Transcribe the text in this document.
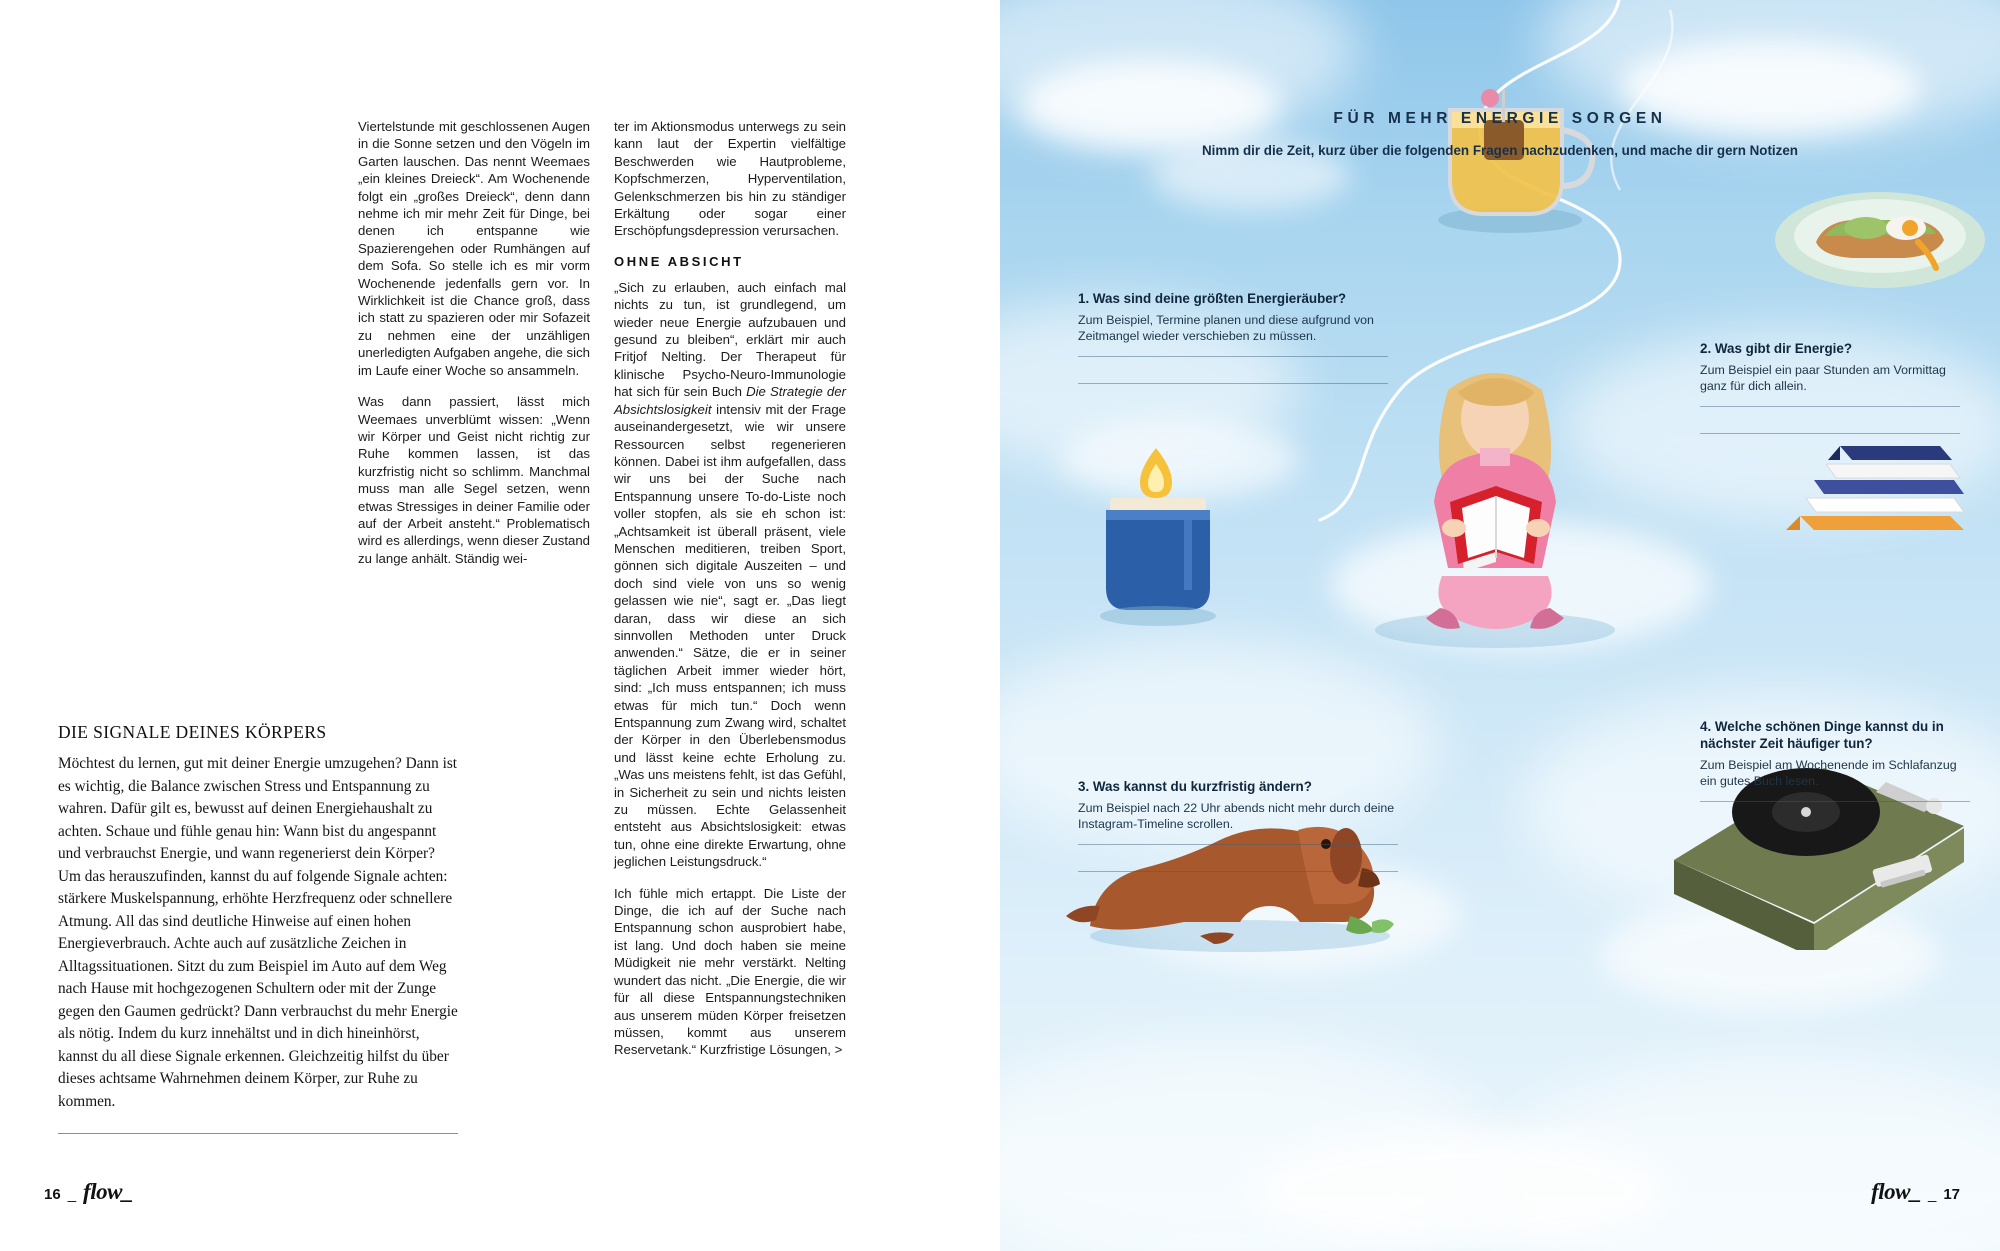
Viertelstunde mit geschlossenen Augen in die Sonne setzen und den Vögeln im Garten lauschen. Das nennt Weemaes „ein kleines Dreieck“. Am Wochenende folgt ein „großes Dreieck“, denn dann nehme ich mir mehr Zeit für Dinge, bei denen ich entspanne wie Spazierengehen oder Rumhängen auf dem Sofa. So stelle ich es mir vorm Wochenende jedenfalls gern vor. In Wirklichkeit ist die Chance groß, dass ich statt zu spazieren oder mir Sofazeit zu nehmen eine der unzähligen unerledigten Aufgaben angehe, die sich im Laufe einer Woche so ansammeln.

Was dann passiert, lässt mich Weemaes unverblümt wissen: „Wenn wir Körper und Geist nicht richtig zur Ruhe kommen lassen, ist das kurzfristig nicht so schlimm. Manchmal muss man alle Segel setzen, wenn etwas Stressiges in deiner Familie oder auf der Arbeit ansteht.“ Problematisch wird es allerdings, wenn dieser Zustand zu lange anhält. Ständig wei-

ter im Aktionsmodus unterwegs zu sein kann laut der Expertin vielfältige Beschwerden wie Hautprobleme, Kopfschmerzen, Hyperventilation, Gelenkschmerzen bis hin zu ständiger Erkältung oder sogar einer Erschöpfungsdepression verursachen.

OHNE ABSICHT

„Sich zu erlauben, auch einfach mal nichts zu tun, ist grundlegend, um wieder neue Energie aufzubauen und gesund zu bleiben“, erklärt mir auch Fritjof Nelting. Der Therapeut für klinische Psycho-Neuro-Immunologie hat sich für sein Buch Die Strategie der Absichtslosigkeit intensiv mit der Frage auseinandergesetzt, wie wir unsere Ressourcen selbst regenerieren können. Dabei ist ihm aufgefallen, dass wir uns bei der Suche nach Entspannung unsere To-do-Liste noch voller stopfen, als sie eh schon ist: „Achtsamkeit ist überall präsent, viele Menschen meditieren, treiben Sport, gönnen sich digitale Auszeiten – und doch sind viele von uns so wenig gelassen wie nie“, sagt er. „Das liegt daran, dass wir diese an sich sinnvollen Methoden unter Druck anwenden.“ Sätze, die er in seiner täglichen Arbeit immer wieder hört, sind: „Ich muss entspannen; ich muss etwas für mich tun.“ Doch wenn Entspannung zum Zwang wird, schaltet der Körper in den Überlebensmodus und lässt keine echte Erholung zu. „Was uns meistens fehlt, ist das Gefühl, in Sicherheit zu sein und nichts leisten zu müssen. Echte Gelassenheit entsteht aus Absichtslosigkeit: etwas tun, ohne eine direkte Erwartung, ohne jeglichen Leistungsdruck.“

Ich fühle mich ertappt. Die Liste der Dinge, die ich auf der Suche nach Entspannung schon ausprobiert habe, ist lang. Und doch haben sie meine Müdigkeit nie mehr verstärkt. Nelting wundert das nicht. „Die Energie, die wir für all diese Entspannungstechniken aus unserem müden Körper freisetzen müssen, kommt aus unserem Reservetank.“ Kurzfristige Lösungen, >

DIE SIGNALE DEINES KÖRPERS

Möchtest du lernen, gut mit deiner Energie umzugehen? Dann ist es wichtig, die Balance zwischen Stress und Entspannung zu wahren. Dafür gilt es, bewusst auf deinen Energiehaushalt zu achten. Schaue und fühle genau hin: Wann bist du angespannt und verbrauchst Energie, und wann regenerierst dein Körper? Um das herauszufinden, kannst du auf folgende Signale achten: stärkere Muskelspannung, erhöhte Herzfrequenz oder schnellere Atmung. All das sind deutliche Hinweise auf einen hohen Energieverbrauch. Achte auch auf zusätzliche Zeichen in Alltagssituationen. Sitzt du zum Beispiel im Auto auf dem Weg nach Hause mit hochgezogenen Schultern oder mit der Zunge gegen den Gaumen gedrückt? Dann verbrauchst du mehr Energie als nötig. Indem du kurz innehältst und in dich hineinhörst, kannst du all diese Signale erkennen. Gleichzeitig hilfst du über dieses achtsame Wahrnehmen deinem Körper, zur Ruhe zu kommen.

16 _ flow_
FÜR MEHR ENERGIE SORGEN
Nimm dir die Zeit, kurz über die folgenden Fragen nachzudenken, und mache dir gern Notizen
1. Was sind deine größten Energieräuber?
Zum Beispiel, Termine planen und diese aufgrund von Zeitmangel wieder verschieben zu müssen.
2. Was gibt dir Energie?
Zum Beispiel ein paar Stunden am Vormittag ganz für dich allein.
3. Was kannst du kurzfristig ändern?
Zum Beispiel nach 22 Uhr abends nicht mehr durch deine Instagram-Timeline scrollen.
4. Welche schönen Dinge kannst du in nächster Zeit häufiger tun?
Zum Beispiel am Wochenende im Schlafanzug ein gutes Buch lesen.
flow_ _ 17
